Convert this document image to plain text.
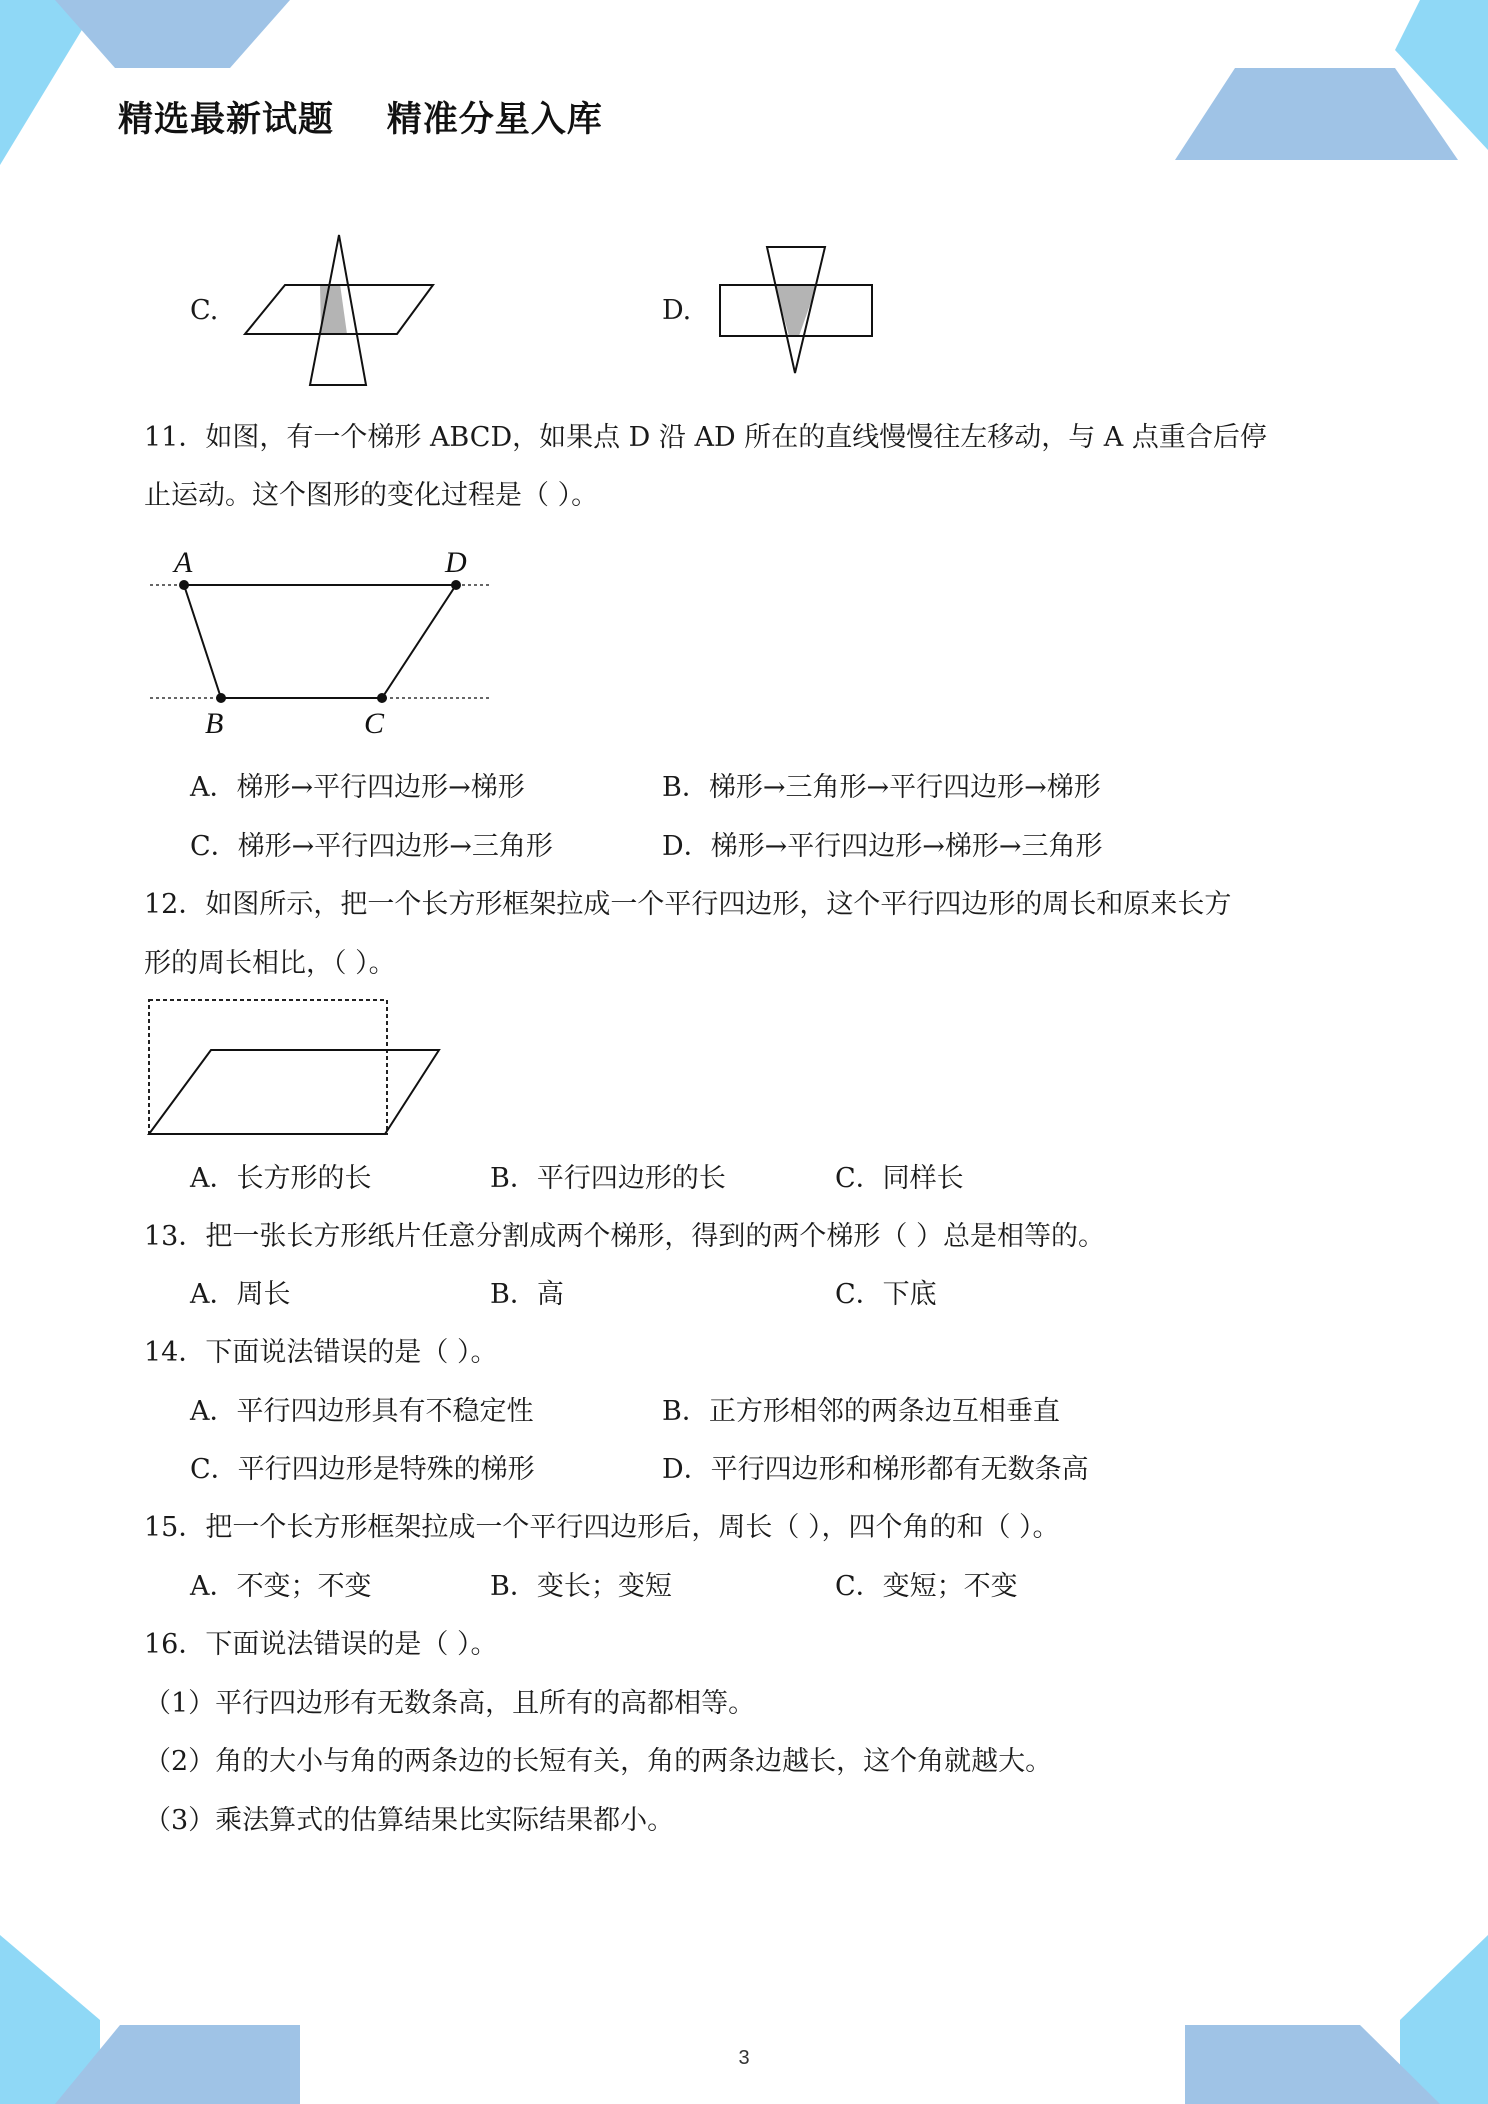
精选最新试题    精准分星入库
C.	D.
11．如图，有一个梯形 ABCD，如果点 D 沿 AD 所在的直线慢慢往左移动，与 A 点重合后停
止运动。这个图形的变化过程是（ ）。
A	D
B	C
A．梯形→平行四边形→梯形	B．梯形→三角形→平行四边形→梯形
C．梯形→平行四边形→三角形	D．梯形→平行四边形→梯形→三角形
12．如图所示，把一个长方形框架拉成一个平行四边形，这个平行四边形的周长和原来长方
形的周长相比，（ ）。
A．长方形的长	B．平行四边形的长	C．同样长
13．把一张长方形纸片任意分割成两个梯形，得到的两个梯形（ ）总是相等的。
A．周长	B．高	C．下底
14．下面说法错误的是（ ）。
A．平行四边形具有不稳定性	B．正方形相邻的两条边互相垂直
C．平行四边形是特殊的梯形	D．平行四边形和梯形都有无数条高
15．把一个长方形框架拉成一个平行四边形后，周长（ ），四个角的和（ ）。
A．不变；不变	B．变长；变短	C．变短；不变
16．下面说法错误的是（ ）。
（1）平行四边形有无数条高，且所有的高都相等。
（2）角的大小与角的两条边的长短有关，角的两条边越长，这个角就越大。
（3）乘法算式的估算结果比实际结果都小。
3
